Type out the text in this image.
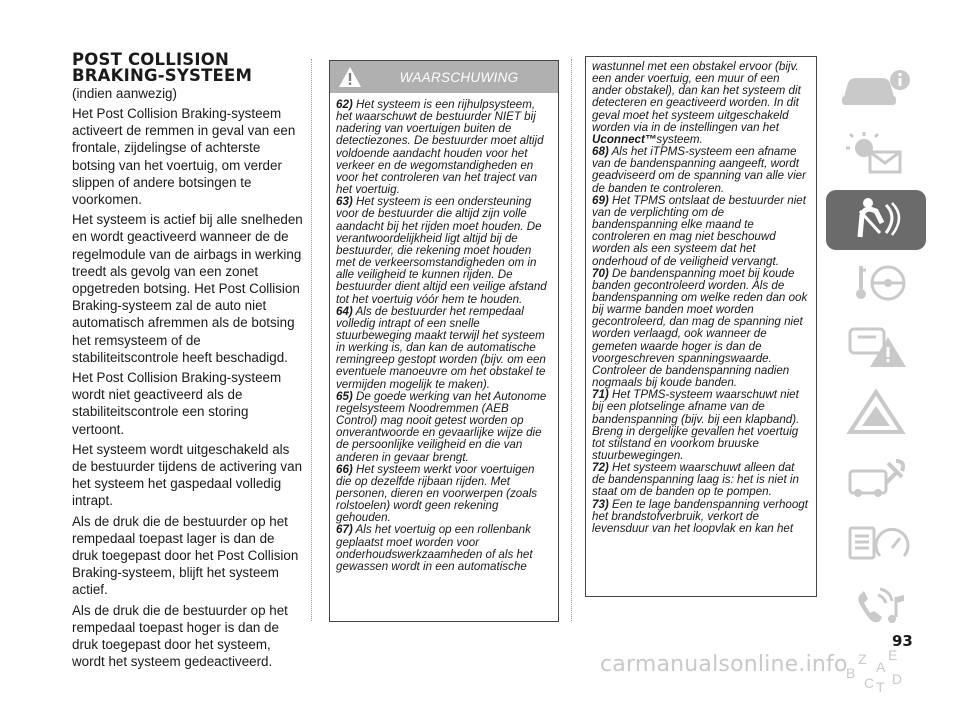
POST COLLISION
BRAKING-SYSTEEM

(indien aanwezig)

Het Post Collision Braking-systeem activeert de remmen in geval van een frontale, zijdelingse of achterste botsing van het voertuig, om verder slippen of andere botsingen te voorkomen.

Het systeem is actief bij alle snelheden en wordt geactiveerd wanneer de de regelmodule van de airbags in werking treedt als gevolg van een zonet opgetreden botsing. Het Post Collision Braking-systeem zal de auto niet automatisch afremmen als de botsing het remsysteem of de stabiliteitscontrole heeft beschadigd.

Het Post Collision Braking-systeem wordt niet geactiveerd als de stabiliteitscontrole een storing vertoont.

Het systeem wordt uitgeschakeld als de bestuurder tijdens de activering van het systeem het gaspedaal volledig intrapt.

Als de druk die de bestuurder op het rempedaal toepast lager is dan de druk toegepast door het Post Collision Braking-systeem, blijft het systeem actief.

Als de druk die de bestuurder op het rempedaal toepast hoger is dan de druk toegepast door het systeem, wordt het systeem gedeactiveerd.

WAARSCHUWING

62) Het systeem is een rijhulpsysteem, het waarschuwt de bestuurder NIET bij nadering van voertuigen buiten de detectiezones. De bestuurder moet altijd voldoende aandacht houden voor het verkeer en de wegomstandigheden en voor het controleren van het traject van het voertuig.

63) Het systeem is een ondersteuning voor de bestuurder die altijd zijn volle aandacht bij het rijden moet houden. De verantwoordelijkheid ligt altijd bij de bestuurder, die rekening moet houden met de verkeersomstandigheden om in alle veiligheid te kunnen rijden. De bestuurder dient altijd een veilige afstand tot het voertuig vóór hem te houden.

64) Als de bestuurder het rempedaal volledig intrapt of een snelle stuurbeweging maakt terwijl het systeem in werking is, dan kan de automatische remingreep gestopt worden (bijv. om een eventuele manoeuvre om het obstakel te vermijden mogelijk te maken).

65) De goede werking van het Autonome regelsysteem Noodremmen (AEB Control) mag nooit getest worden op onverantwoorde en gevaarlijke wijze die de persoonlijke veiligheid en die van anderen in gevaar brengt.

66) Het systeem werkt voor voertuigen die op dezelfde rijbaan rijden. Met personen, dieren en voorwerpen (zoals rolstoelen) wordt geen rekening gehouden.

67) Als het voertuig op een rollenbank geplaatst moet worden voor onderhoudswerkzaamheden of als het gewassen wordt in een automatische

wastunnel met een obstakel ervoor (bijv. een ander voertuig, een muur of een ander obstakel), dan kan het systeem dit detecteren en geactiveerd worden. In dit geval moet het systeem uitgeschakeld worden via in de instellingen van het Uconnect™systeem.

68) Als het iTPMS-systeem een afname van de bandenspanning aangeeft, wordt geadviseerd om de spanning van alle vier de banden te controleren.

69) Het TPMS ontslaat de bestuurder niet van de verplichting om de bandenspanning elke maand te controleren en mag niet beschouwd worden als een systeem dat het onderhoud of de veiligheid vervangt.

70) De bandenspanning moet bij koude banden gecontroleerd worden. Als de bandenspanning om welke reden dan ook bij warme banden moet worden gecontroleerd, dan mag de spanning niet worden verlaagd, ook wanneer de gemeten waarde hoger is dan de voorgeschreven spanningswaarde. Controleer de bandenspanning nadien nogmaals bij koude banden.

71) Het TPMS-systeem waarschuwt niet bij een plotselinge afname van de bandenspanning (bijv. bij een klapband). Breng in dergelijke gevallen het voertuig tot stilstand en voorkom bruuske stuurbewegingen.

72) Het systeem waarschuwt alleen dat de bandenspanning laag is: het is niet in staat om de banden op te pompen.

73) Een te lage bandenspanning verhoogt het brandstofverbruik, verkort de levensduur van het loopvlak en kan het

Z E
B
C T D
A
93
carmanualsonline.info
